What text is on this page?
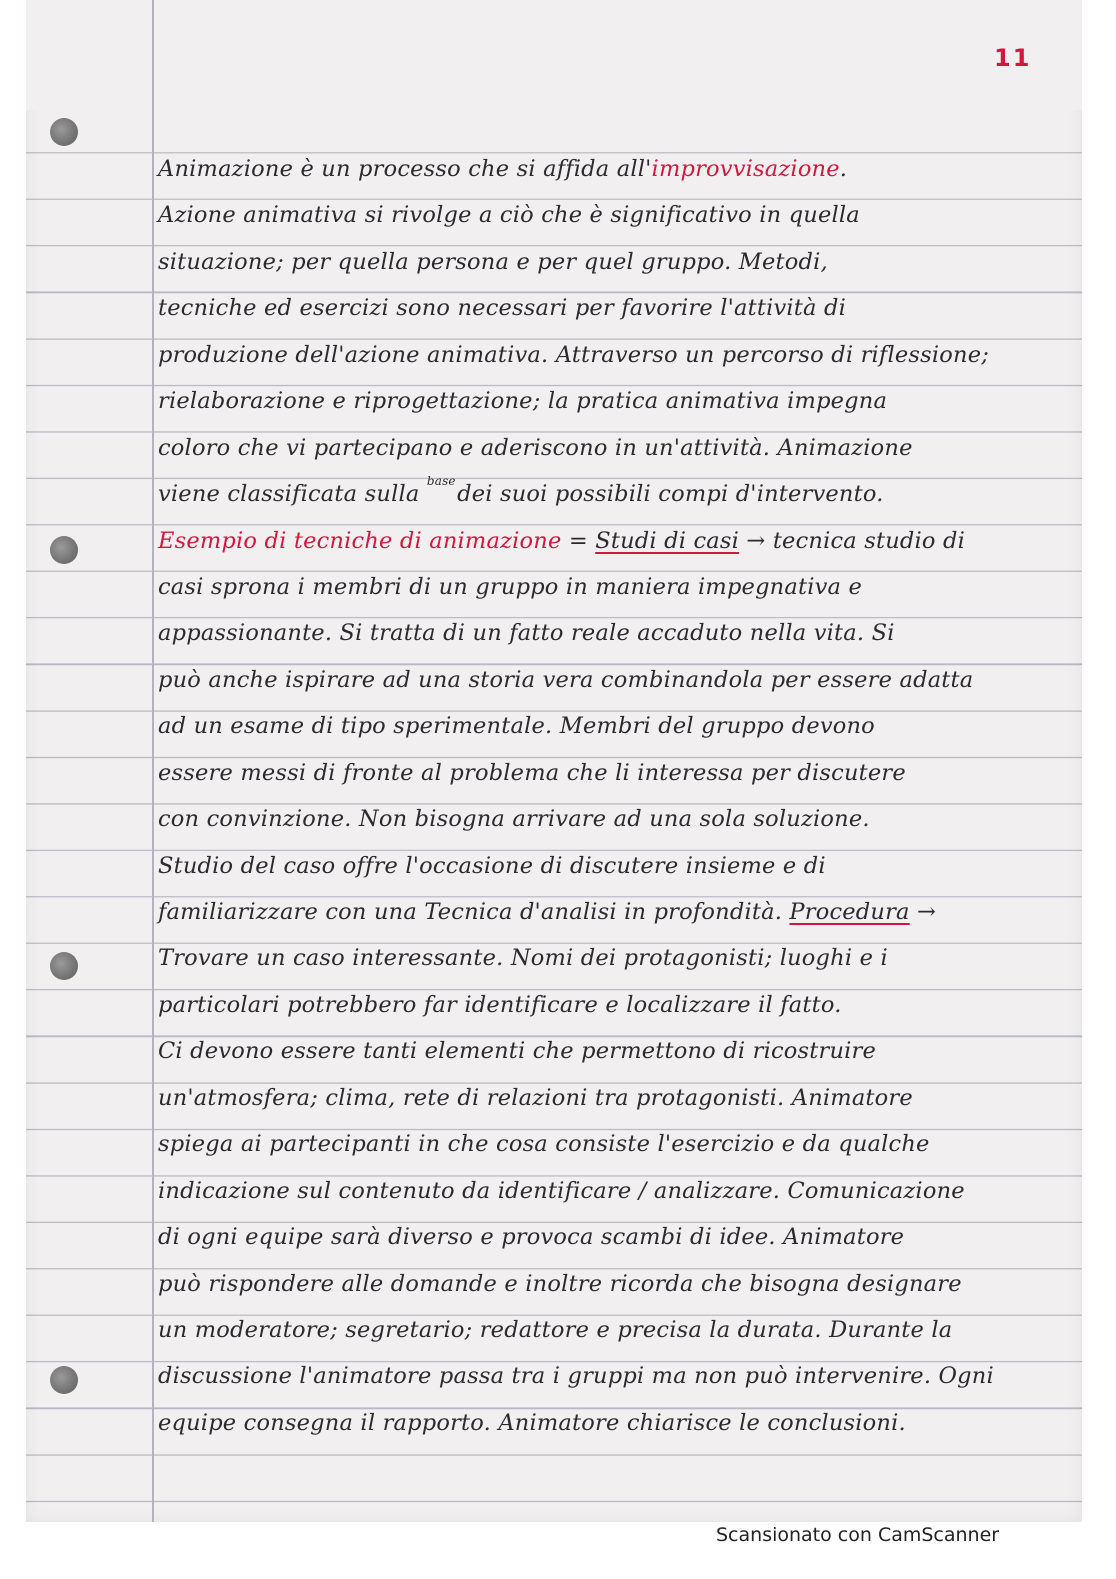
11
Animazione è un processo che si affida all'improvvisazione.
Azione animativa si rivolge a ciò che è significativo in quella
situazione; per quella persona e per quel gruppo. Metodi,
tecniche ed esercizi sono necessari per favorire l'attività di
produzione dell'azione animativa. Attraverso un percorso di riflessione;
rielaborazione e riprogettazione; la pratica animativa impegna
coloro che vi partecipano e aderiscono in un'attività. Animazione
viene classificata sulla $^{base}$ dei suoi possibili compi d'intervento.
Esempio di tecniche di animazione = Studi di casi → tecnica studio di
casi sprona i membri di un gruppo in maniera impegnativa e
appassionante. Si tratta di un fatto reale accaduto nella vita. Si
può anche ispirare ad una storia vera combinandola per essere adatta
ad un esame di tipo sperimentale. Membri del gruppo devono
essere messi di fronte al problema che li interessa per discutere
con convinzione. Non bisogna arrivare ad una sola soluzione.
Studio del caso offre l'occasione di discutere insieme e di
familiarizzare con una Tecnica d'analisi in profondità. Procedura →
Trovare un caso interessante. Nomi dei protagonisti; luoghi e i
particolari potrebbero far identificare e localizzare il fatto.
Ci devono essere tanti elementi che permettono di ricostruire
un'atmosfera; clima, rete di relazioni tra protagonisti. Animatore
spiega ai partecipanti in che cosa consiste l'esercizio e da qualche
indicazione sul contenuto da identificare / analizzare. Comunicazione
di ogni equipe sarà diverso e provoca scambi di idee. Animatore
può rispondere alle domande e inoltre ricorda che bisogna designare
un moderatore; segretario; redattore e precisa la durata. Durante la
discussione l'animatore passa tra i gruppi ma non può intervenire. Ogni
equipe consegna il rapporto. Animatore chiarisce le conclusioni.
Scansionato con CamScanner
